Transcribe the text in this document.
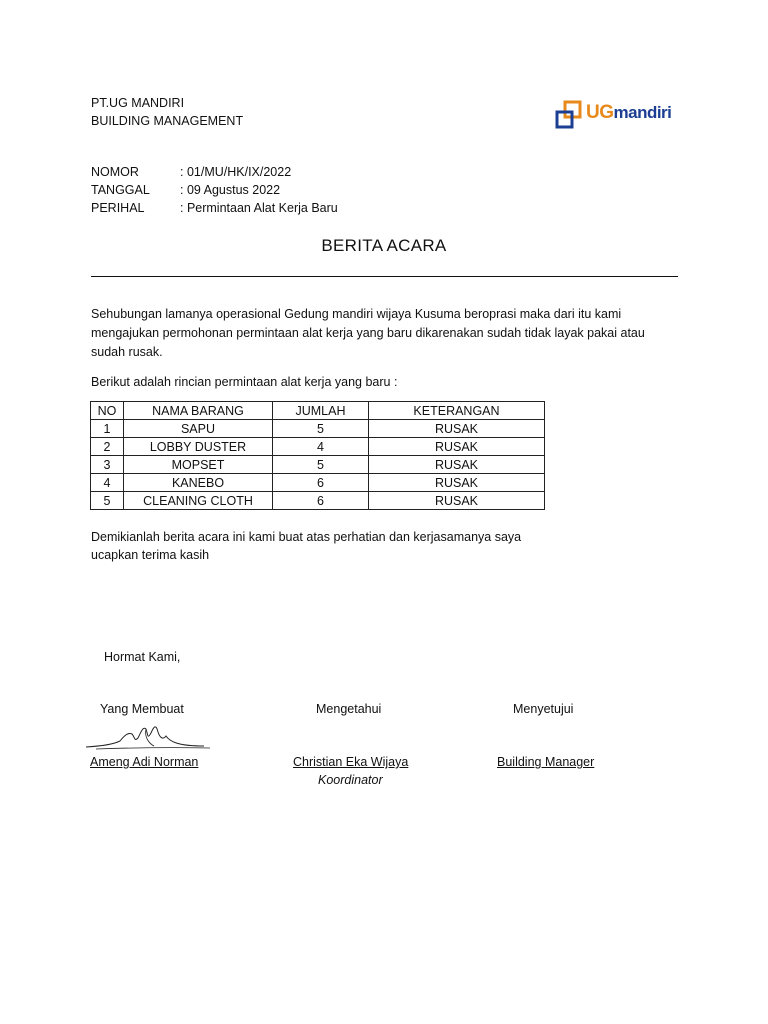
PT.UG MANDIRI
BUILDING MANAGEMENT	UGmandiri
NOMOR	: 01/MU/HK/IX/2022
TANGGAL	: 09 Agustus 2022
PERIHAL	: Permintaan Alat Kerja Baru
BERITA ACARA
Sehubungan lamanya operasional Gedung mandiri wijaya Kusuma beroprasi maka dari itu kami mengajukan permohonan permintaan alat kerja yang baru dikarenakan sudah tidak layak pakai atau sudah rusak.
Berikut adalah rincian permintaan alat kerja yang baru :
NO	NAMA BARANG	JUMLAH	KETERANGAN
1	SAPU	5	RUSAK
2	LOBBY DUSTER	4	RUSAK
3	MOPSET	5	RUSAK
4	KANEBO	6	RUSAK
5	CLEANING CLOTH	6	RUSAK
Demikianlah berita acara ini kami buat atas perhatian dan kerjasamanya saya ucapkan terima kasih
Hormat Kami,
Yang Membuat	Mengetahui	Menyetujui
Ameng Adi Norman	Christian Eka Wijaya	Building Manager
Koordinator
